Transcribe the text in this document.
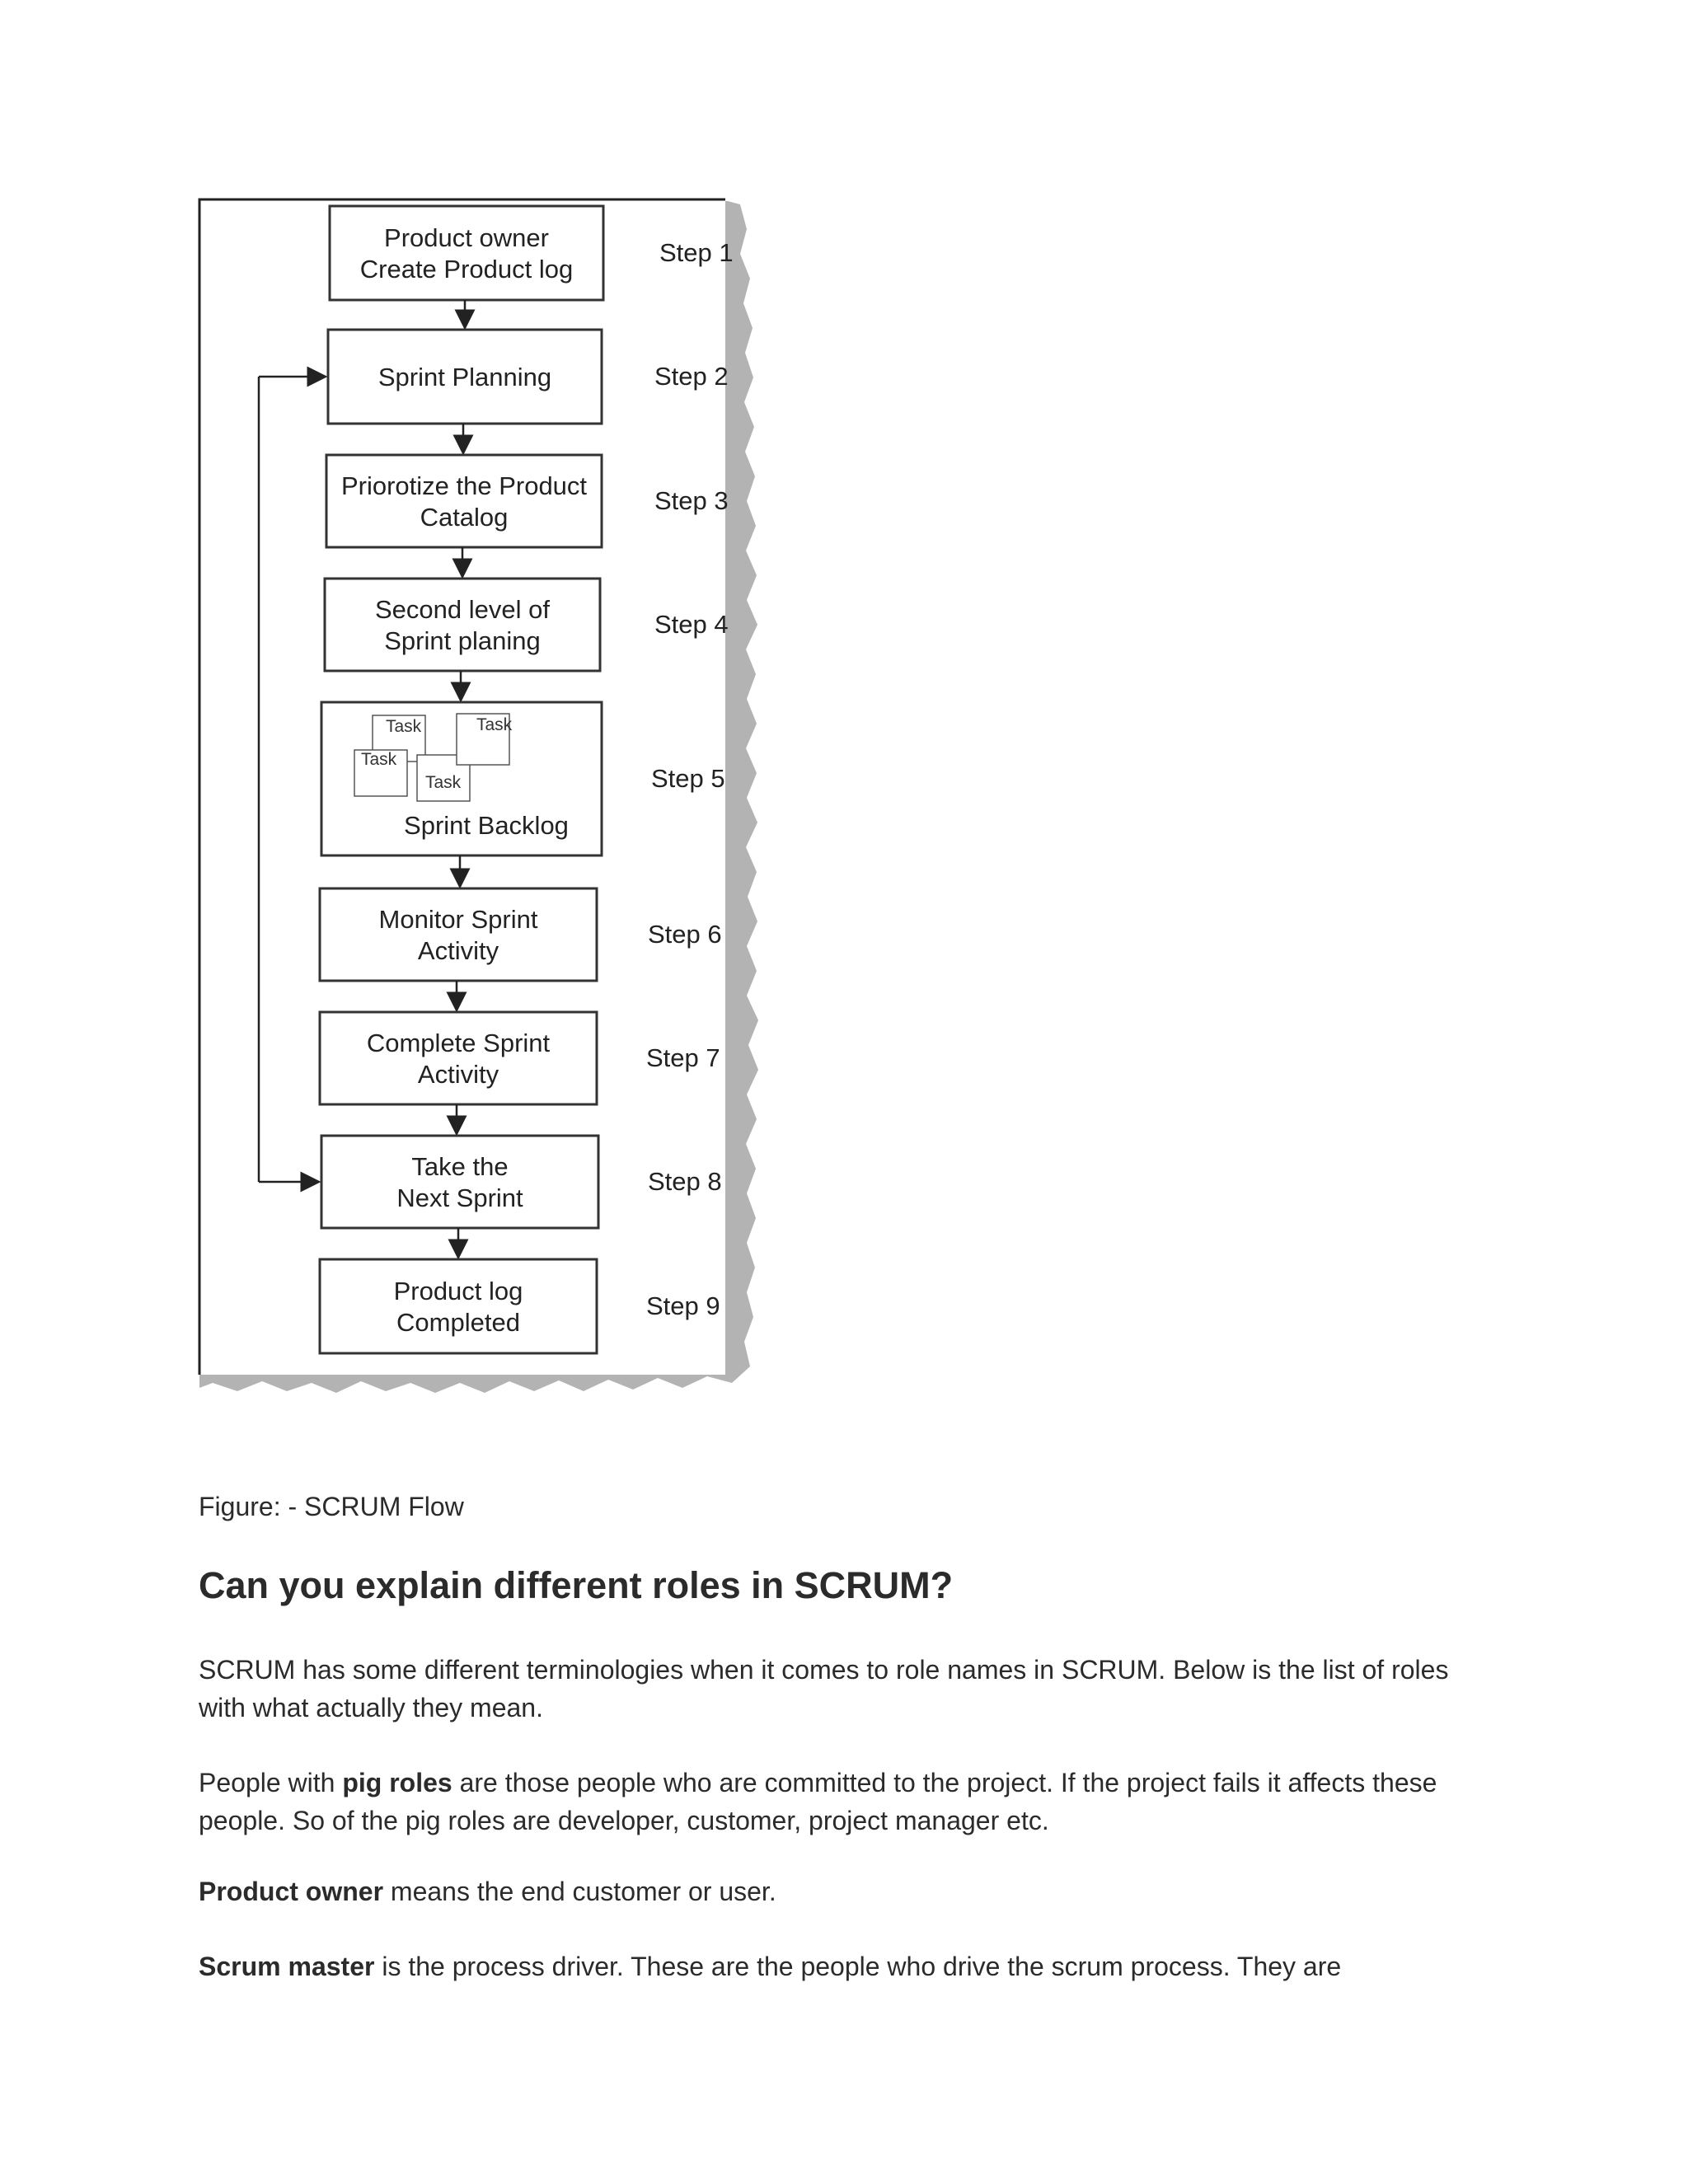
Product owner
Create Product log
Step 1
Sprint Planning	Step 2
Priorotize the Product
Catalog
Step 3
Second level of
Sprint planing
Step 4
Task
Task
Task
Task
Sprint Backlog
Step 5
Monitor Sprint
Activity
Step 6
Complete Sprint
Activity
Step 7
Take the
Next Sprint
Step 8
Product log
Completed
Step 9
Figure: - SCRUM Flow
Can you explain different roles in SCRUM?

SCRUM has some different terminologies when it comes to role names in SCRUM. Below is the list of roles with what actually they mean.

People with pig roles are those people who are committed to the project. If the project fails it affects these people. So of the pig roles are developer, customer, project manager etc.

Product owner means the end customer or user.

Scrum master is the process driver. These are the people who drive the scrum process. They are
